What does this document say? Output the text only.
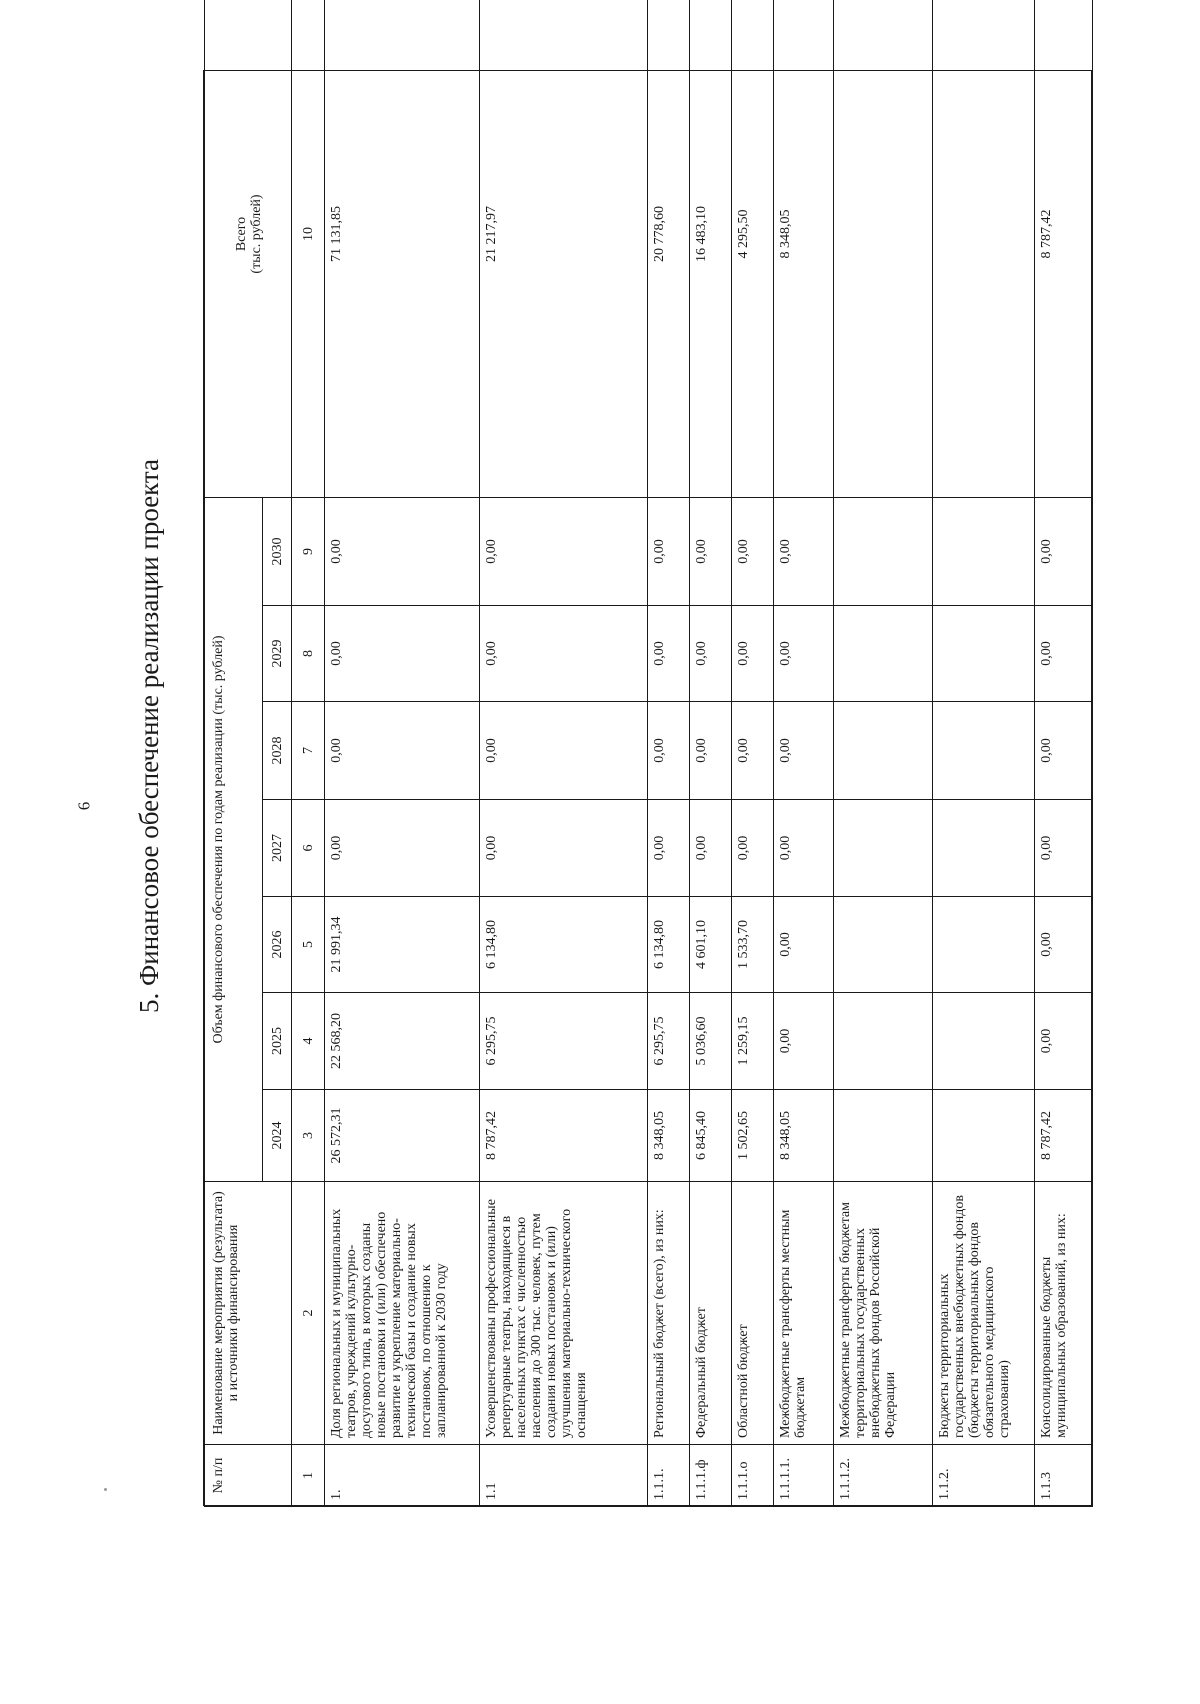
6 5. Финансовое обеспечение реализации проекта
№ п/п	Наименование мероприятия (результата) и источники финансирования	Объем финансового обеспечения по годам реализации (тыс. рублей)							Всего
(тыс. рублей)
		2024	2025	2026	2027	2028	2029	2030	
1	2	3	4	5	6	7	8	9	10
1.	Доля региональных и муниципальных театров, учреждений культурно-досугового типа, в которых созданы новые постановки и (или) обеспечено развитие и укрепление материально-технической базы и создание новых постановок, по отношению к запланированной к 2030 году	26 572,31	22 568,20	21 991,34	0,00	0,00	0,00	0,00	71 131,85
1.1	Усовершенствованы профессиональные репертуарные театры, находящиеся в населенных пунктах с численностью населения до 300 тыс. человек, путем создания новых постановок и (или) улучшения материально-технического оснащения	8 787,42	6 295,75	6 134,80	0,00	0,00	0,00	0,00	21 217,97
1.1.1.	Региональный бюджет (всего), из них:	8 348,05	6 295,75	6 134,80	0,00	0,00	0,00	0,00	20 778,60
1.1.1.ф	Федеральный бюджет	6 845,40	5 036,60	4 601,10	0,00	0,00	0,00	0,00	16 483,10
1.1.1.о	Областной бюджет	1 502,65	1 259,15	1 533,70	0,00	0,00	0,00	0,00	4 295,50
1.1.1.1.	Межбюджетные трансферты местным бюджетам	8 348,05	0,00	0,00	0,00	0,00	0,00	0,00	8 348,05
1.1.1.2.	Межбюджетные трансферты бюджетам территориальных государственных внебюджетных фондов Российской Федерации								
1.1.2.	Бюджеты территориальных государственных внебюджетных фондов (бюджеты территориальных фондов обязательного медицинского страхования)								
1.1.3	Консолидированные бюджеты муниципальных образований, из них:	8 787,42	0,00	0,00	0,00	0,00	0,00	0,00	8 787,42
